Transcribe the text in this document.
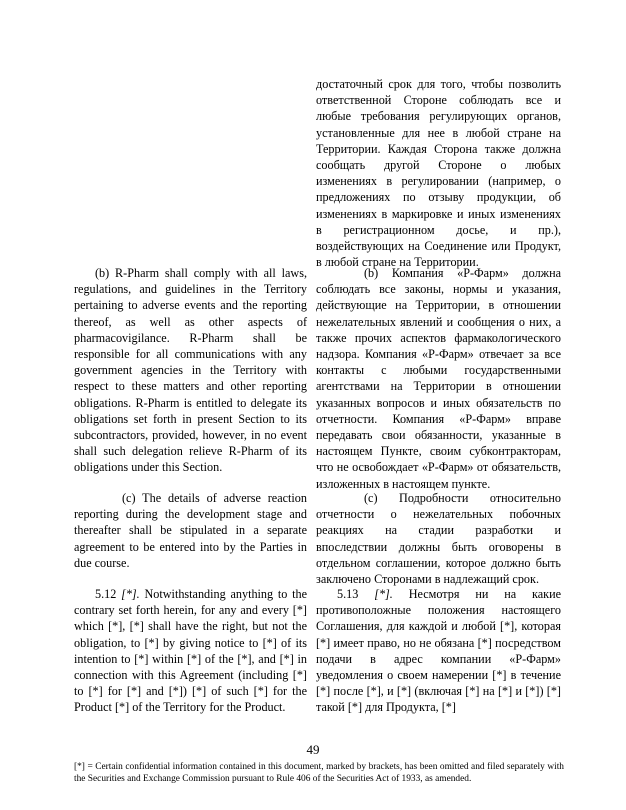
достаточный срок для того, чтобы позволить ответственной Стороне соблюдать все и любые требования регулирующих органов, установленные для нее в любой стране на Территории. Каждая Сторона также должна сообщать другой Стороне о любых изменениях в регулировании (например, о предложениях по отзыву продукции, об изменениях в маркировке и иных изменениях в регистрационном досье, и пр.), воздействующих на Соединение или Продукт, в любой стране на Территории.

(b) R-Pharm shall comply with all laws, regulations, and guidelines in the Territory pertaining to adverse events and the reporting thereof, as well as other aspects of pharmacovigilance. R-Pharm shall be responsible for all communications with any government agencies in the Territory with respect to these matters and other reporting obligations. R-Pharm is entitled to delegate its obligations set forth in present Section to its subcontractors, provided, however, in no event shall such delegation relieve R-Pharm of its obligations under this Section.

(b) Компания «Р-Фарм» должна соблюдать все законы, нормы и указания, действующие на Территории, в отношении нежелательных явлений и сообщения о них, а также прочих аспектов фармакологического надзора. Компания «Р-Фарм» отвечает за все контакты с любыми государственными агентствами на Территории в отношении указанных вопросов и иных обязательств по отчетности. Компания «Р-Фарм» вправе передавать свои обязанности, указанные в настоящем Пункте, своим субконтракторам, что не освобождает «Р-Фарм» от обязательств, изложенных в настоящем пункте.

(c) The details of adverse reaction reporting during the development stage and thereafter shall be stipulated in a separate agreement to be entered into by the Parties in due course.

(c) Подробности относительно отчетности о нежелательных побочных реакциях на стадии разработки и впоследствии должны быть оговорены в отдельном соглашении, которое должно быть заключено Сторонами в надлежащий срок.

5.12 [*]. Notwithstanding anything to the contrary set forth herein, for any and every [*] which [*], [*] shall have the right, but not the obligation, to [*] by giving notice to [*] of its intention to [*] within [*] of the [*], and [*] in connection with this Agreement (including [*] to [*] for [*] and [*]) [*] of such [*] for the Product [*] of the Territory for the Product.

5.13 [*]. Несмотря ни на какие противоположные положения настоящего Соглашения, для каждой и любой [*], которая [*] имеет право, но не обязана [*] посредством подачи в адрес компании «Р-Фарм» уведомления о своем намерении [*] в течение [*] после [*], и [*] (включая [*] на [*] и [*]) [*] такой [*] для Продукта, [*]

49
[*] = Certain confidential information contained in this document, marked by brackets, has been omitted and filed separately with the Securities and Exchange Commission pursuant to Rule 406 of the Securities Act of 1933, as amended.
